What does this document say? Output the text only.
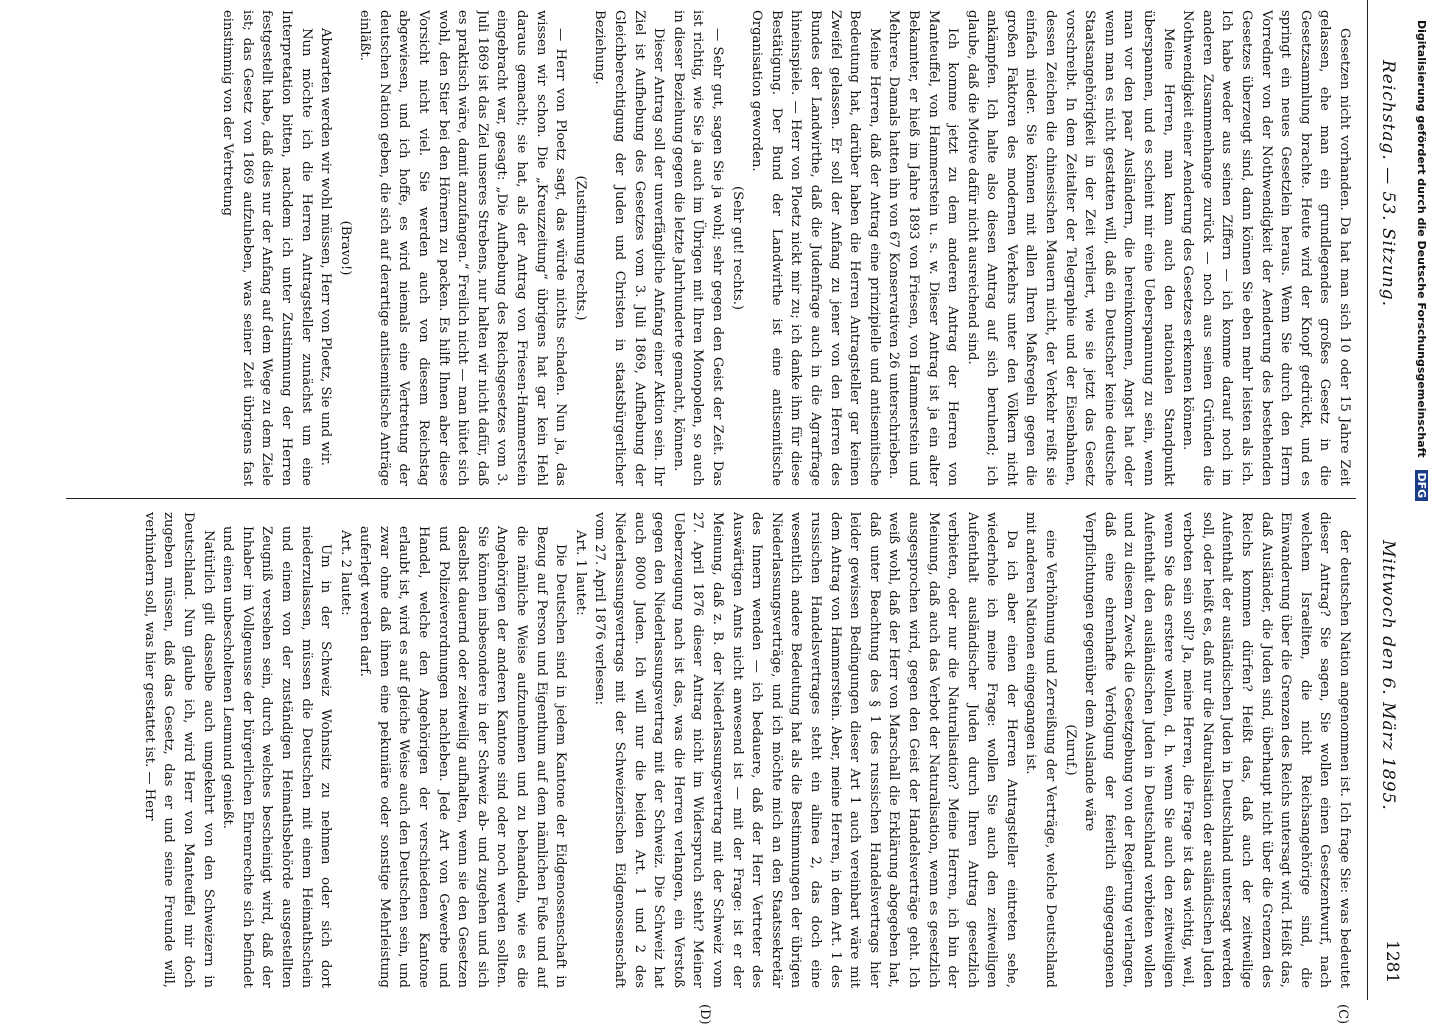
Reichstag. — 53. Sitzung.
Mittwoch den 6. März 1895.
1281
(C)
(D)

Gesetzen nicht vorhanden. Da hat man sich 10 oder 15 Jahre Zeit gelassen, ehe man ein grundlegendes großes Gesetz in die Gesetzsammlung brachte. Heute wird der Knopf gedrückt, und es springt ein neues Gesetzlein heraus. Wenn Sie durch den Herrn Vorredner von der Nothwendigkeit der Aenderung des bestehenden Gesetzes überzeugt sind, dann können Sie eben mehr leisten als ich. Ich habe weder aus seinen Ziffern — ich komme darauf noch im anderen Zusammenhange zurück — noch aus seinen Gründen die Nothwendigkeit einer Aenderung des Gesetzes erkennen können.

Meine Herren, man kann auch den nationalen Standpunkt überspannen, und es scheint mir eine Ueberspannung zu sein, wenn man vor den paar Ausländern, die hereinkommen, Angst hat oder wenn man es nicht gestatten will, daß ein Deutscher keine deutsche Staatsangehörigkeit in der Zeit verliert, wie sie jetzt das Gesetz vorschreibt. In dem Zeitalter der Telegraphie und der Eisenbahnen, dessen Zeichen die chinesischen Mauern nicht, der Verkehr reißt sie einfach nieder. Sie können mit allen Ihren Maßregeln gegen die großen Faktoren des modernen Verkehrs unter den Völkern nicht ankämpfen. Ich halte also diesen Antrag auf sich beruhend; ich glaube, daß die Motive dafür nicht ausreichend sind.

Ich komme jetzt zu dem anderen Antrag der Herren von Manteuffel, von Hammerstein u. s. w. Dieser Antrag ist ja ein alter Bekannter, er hieß im Jahre 1893 von Friesen, von Hammerstein und Mehrere. Damals hatten ihn von 67 Konservativen 26 unterschrieben.

Meine Herren, daß der Antrag eine prinzipielle und antisemitische Bedeutung hat, darüber haben die Herren Antragsteller gar keinen Zweifel gelassen. Er soll der Anfang zu jener von den Herren des Bundes der Landwirthe, daß die Judenfrage auch in die Agrarfrage hineinspiele. — Herr von Ploetz nickt mir zu; ich danke ihm für diese Bestätigung. Der Bund der Landwirthe ist eine antisemitische Organisation geworden.

(Sehr gut! rechts.)

— Sehr gut, sagen Sie ja wohl; sehr gegen den Geist der Zeit. Das ist richtig, wie Sie ja auch im Übrigen mit Ihren Monopolen, so auch in dieser Beziehung gegen die letzte Jahrhunderte gemacht, können.

Dieser Antrag soll der unverfängliche Anfang einer Aktion sein. Ihr Ziel ist Aufhebung des Gesetzes vom 3. Juli 1869, Aufhebung der Gleichberechtigung der Juden und Christen in staatsbürgerlicher Beziehung.

(Zustimmung rechts.)

— Herr von Ploetz sagt, das würde nichts schaden. Nun ja, das wissen wir schon. Die „Kreuzzeitung“ übrigens hat gar kein Hehl daraus gemacht; sie hat, als der Antrag von Friesen-Hammerstein eingebracht war, gesagt: „Die Aufhebung des Reichsgesetzes vom 3. Juli 1869 ist das Ziel unseres Strebens, nur halten wir nicht dafür, daß es praktisch wäre, damit anzufangen.“ Freilich nicht — man hütet sich wohl, den Stier bei den Hörnern zu packen. Es hilft Ihnen aber diese Vorsicht nicht viel. Sie werden auch von diesem Reichstag abgewiesen, und ich hoffe, es wird niemals eine Vertretung der deutschen Nation geben, die sich auf derartige antisemitische Anträge einläßt.

(Bravo!)

Abwarten werden wir wohl müssen, Herr von Ploetz, Sie und wir.

Nun möchte ich die Herren Antragsteller zunächst um eine Interpretation bitten, nachdem ich unter Zustimmung der Herren festgestellt habe, daß dies nur der Anfang auf dem Wege zu dem Ziele ist; das Gesetz von 1869 aufzuheben, was seiner Zeit übrigens fast einstimmig von der Vertretung

der deutschen Nation angenommen ist. Ich frage Sie: was bedeutet dieser Antrag? Sie sagen, Sie wollen einen Gesetzentwurf, nach welchem Israeliten, die nicht Reichsangehörige sind, die Einwanderung über die Grenzen des Reichs untersagt wird. Heißt das, daß Ausländer, die Juden sind, überhaupt nicht über die Grenzen des Reichs kommen dürfen? Heißt das, daß auch der zeitweilige Aufenthalt der ausländischen Juden in Deutschland untersagt werden soll, oder heißt es, daß nur die Naturalisation der ausländischen Juden verboten sein soll? Ja, meine Herren, die Frage ist das wichtig, weil, wenn Sie das erstere wollen, d. h. wenn Sie auch den zeitweiligen Aufenthalt den ausländischen Juden in Deutschland verbieten wollen und zu diesem Zweck die Gesetzgebung von der Regierung verlangen, daß eine ehrenhafte Verfolgung der feierlich eingegangenen Verpflichtungen gegenüber dem Auslande wäre

(Zuruf.)

eine Verhöhnung und Zerreißung der Verträge, welche Deutschland mit anderen Nationen eingegangen ist.

Da ich aber einen der Herren Antragsteller eintreten sehe, wiederhole ich meine Frage: wollen Sie auch den zeitweiligen Aufenthalt ausländischer Juden durch Ihren Antrag gesetzlich verbieten, oder nur die Naturalisation? Meine Herren, ich bin der Meinung, daß auch das Verbot der Naturalisation, wenn es gesetzlich ausgesprochen wird, gegen den Geist der Handelsverträge geht. Ich weiß wohl, daß der Herr von Marschall die Erklärung abgegeben hat, daß unter Beachtung des § 1 des russischen Handelsvertrags hier leider gewissen Bedingungen dieser Art 1 auch vereinbart wäre mit dem Antrag von Hammerstein. Aber, meine Herren, in dem Art. 1 des russischen Handelsvertrages steht ein alinea 2, das doch eine wesentlich andere Bedeutung hat als die Bestimmungen der übrigen Niederlassungsverträge, und ich möchte mich an den Staatssekretär des Innern wenden — ich bedauere, daß der Herr Vertreter des Auswärtigen Amts nicht anwesend ist — mit der Frage: ist er der Meinung, daß z. B. der Niederlassungsvertrag mit der Schweiz vom 27. April 1876 dieser Antrag nicht im Widerspruch steht? Meiner Ueberzeugung nach ist das, was die Herren verlangen, ein Verstoß gegen den Niederlassungsvertrag mit der Schweiz. Die Schweiz hat auch 8000 Juden. Ich will nur die beiden Art. 1 und 2 des Niederlassungsvertrags mit der Schweizerischen Eidgenossenschaft vom 27. April 1876 verlesen:

Art. 1 lautet:

Die Deutschen sind in jedem Kantone der Eidgenossenschaft in Bezug auf Person und Eigenthum auf dem nämlichen Fuße und auf die nämliche Weise aufzunehmen und zu behandeln, wie es die Angehörigen der anderen Kantone sind oder noch werden sollten. Sie können insbesondere in der Schweiz ab- und zugehen und sich daselbst dauernd oder zeitweilig aufhalten, wenn sie den Gesetzen und Polizeiverordnungen nachleben. Jede Art von Gewerbe und Handel, welche den Angehörigen der verschiedenen Kantone erlaubt ist, wird es auf gleiche Weise auch den Deutschen sein, und zwar ohne daß ihnen eine pekuniäre oder sonstige Mehrleistung auferlegt werden darf.

Art. 2 lautet:

Um in der Schweiz Wohnsitz zu nehmen oder sich dort niederzulassen, müssen die Deutschen mit einem Heimathschein und einem von der zuständigen Heimathsbehörde ausgestellten Zeugniß versehen sein, durch welches bescheinigt wird, daß der Inhaber im Vollgenusse der bürgerlichen Ehrenrechte sich befindet und einen unbescholtenen Leumund genießt.

Natürlich gilt dasselbe auch umgekehrt von den Schweizern in Deutschland. Nun glaube ich, wird Herr von Manteuffel mir doch zugeben müssen, daß das Gesetz, das er und seine Freunde will, verhindern soll, was hier gestattet ist. — Herr

Digitalisierung gefördert durch die Deutsche Forschungsgemeinschaft DFG
